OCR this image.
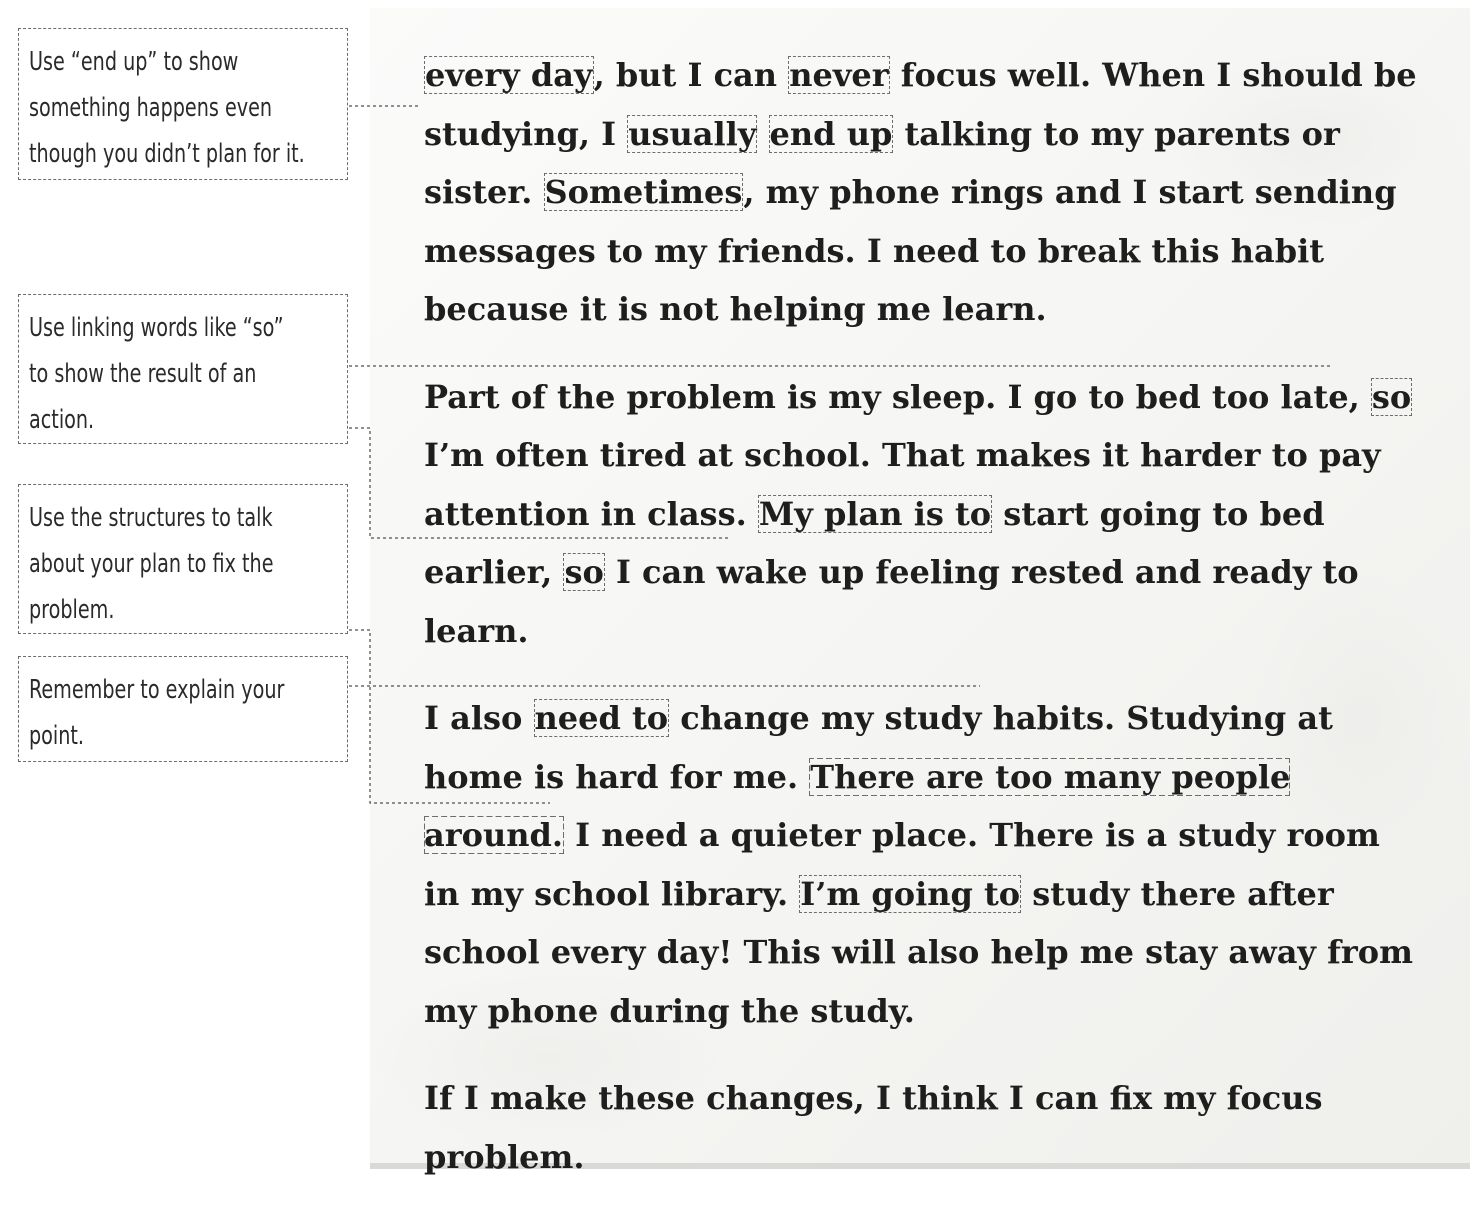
Use “end up” to show
something happens even
though you didn’t plan for it.
Use linking words like “so”
to show the result of an
action.
Use the structures to talk
about your plan to fix the
problem.
Remember to explain your
point.

every day, but I can never focus well. When I should be studying, I usually end up talking to my parents or sister. Sometimes, my phone rings and I start sending messages to my friends. I need to break this habit because it is not helping me learn.

Part of the problem is my sleep. I go to bed too late, so I’m often tired at school. That makes it harder to pay attention in class. My plan is to start going to bed earlier, so I can wake up feeling rested and ready to learn.

I also need to change my study habits. Studying at home is hard for me. There are too many people around. I need a quieter place. There is a study room in my school library. I’m going to study there after school every day! This will also help me stay away from my phone during the study.

If I make these changes, I think I can fix my focus problem.
